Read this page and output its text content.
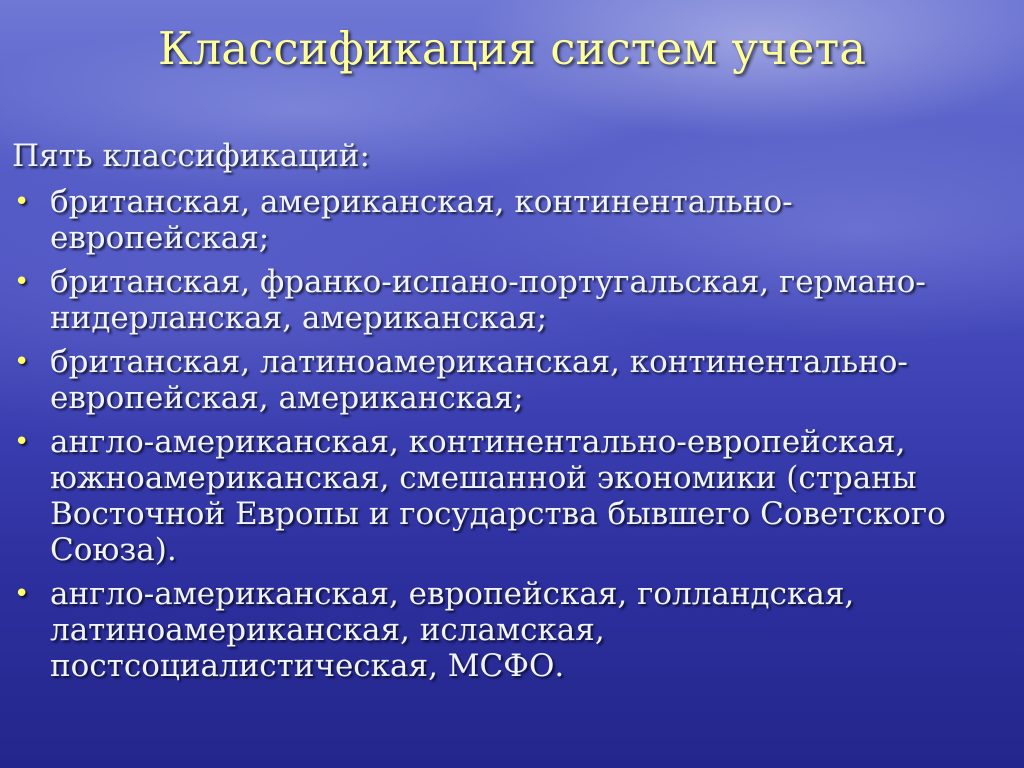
Классификация систем учета
Пять классификаций:
• британская, американская, континентально-европейская;
• британская, франко-испано-португальская, германо-нидерланская, американская;
• британская, латиноамериканская, континентально-европейская, американская;
• англо-американская, континентально-европейская, южноамериканская, смешанной экономики (страны Восточной Европы и государства бывшего Советского Союза).
• англо-американская, европейская, голландская, латиноамериканская, исламская, постсоциалистическая, МСФО.
